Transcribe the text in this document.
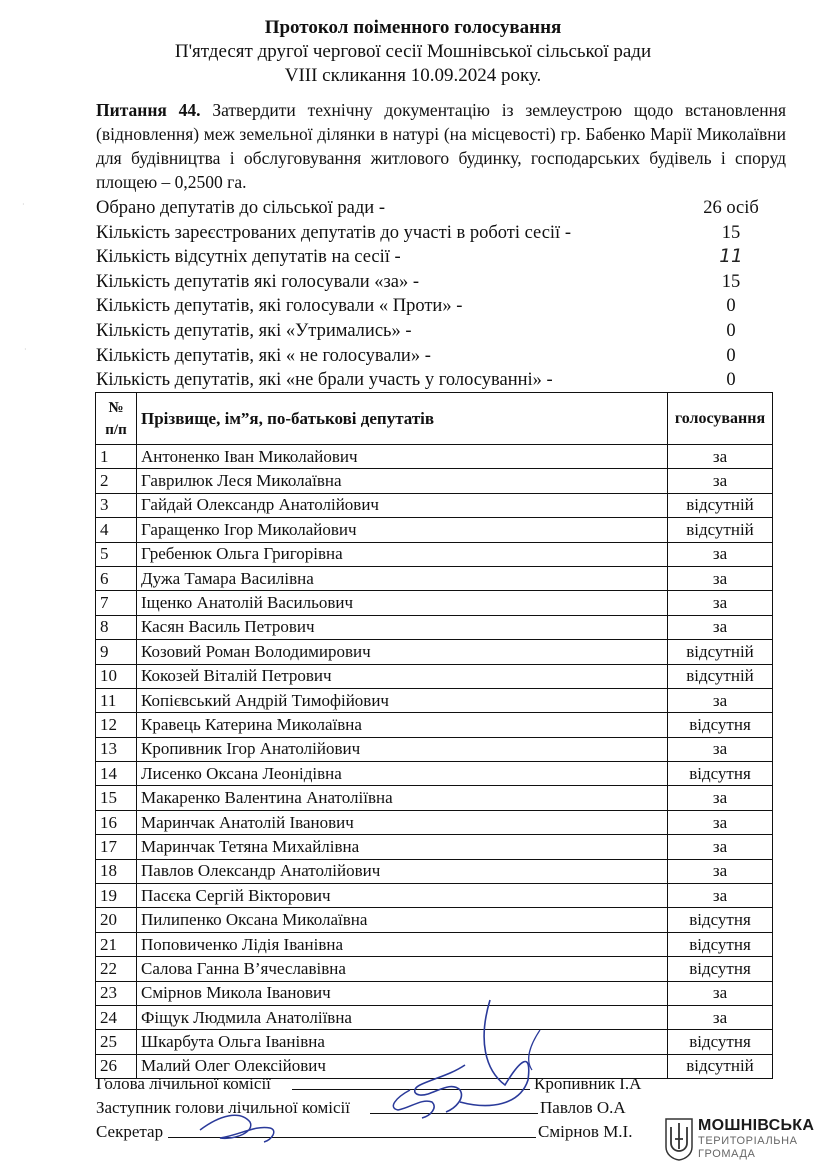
Протокол поіменного голосування
П'ятдесят другої чергової сесії Мошнівської сільської ради
VIII скликання 10.09.2024 року.
Питання 44. Затвердити технічну документацію із землеустрою щодо встановлення (відновлення) меж земельної ділянки в натурі (на місцевості) гр. Бабенко Марії Миколаївни для будівництва і обслуговування житлового будинку, господарських будівель і споруд площею – 0,2500 га.
·
·
Обрано депутатів до сільської ради -	26 осіб
Кількість зареєстрованих депутатів до участі в роботі сесії -	15
Кількість відсутніх депутатів на сесії -	11
Кількість депутатів які голосували «за» -	15
Кількість депутатів, які голосували « Проти» -	0
Кількість депутатів, які «Утримались» -	0
Кількість депутатів, які « не голосували» -	0
Кількість депутатів, які «не брали участь у голосуванні» -	0
№
п/п	Прізвище, ім”я, по-батькові депутатів	голосування
1	Антоненко Іван Миколайович	за
2	Гаврилюк Леся Миколаївна	за
3	Гайдай Олександр Анатолійович	відсутній
4	Гаращенко Ігор Миколайович	відсутній
5	Гребенюк Ольга Григорівна	за
6	Дужа Тамара Василівна	за
7	Іщенко Анатолій Васильович	за
8	Касян Василь Петрович	за
9	Козовий Роман Володимирович	відсутній
10	Кокозей Віталій Петрович	відсутній
11	Копієвський Андрій Тимофійович	за
12	Кравець Катерина Миколаївна	відсутня
13	Кропивник Ігор Анатолійович	за
14	Лисенко Оксана Леонідівна	відсутня
15	Макаренко Валентина Анатоліївна	за
16	Маринчак Анатолій Іванович	за
17	Маринчак Тетяна Михайлівна	за
18	Павлов Олександр Анатолійович	за
19	Пасєка Сергій Вікторович	за
20	Пилипенко Оксана Миколаївна	відсутня
21	Поповиченко Лідія Іванівна	відсутня
22	Салова Ганна В’ячеславівна	відсутня
23	Смірнов Микола Іванович	за
24	Фіщук Людмила Анатоліївна	за
25	Шкарбута Ольга Іванівна	відсутня
26	Малий Олег Олексійович	відсутній
Голова лічильної комісії	Кропивник І.А
Заступник голови лічильної комісії	Павлов О.А
Секретар	Смірнов М.І.	МОШНІВСЬКА
ТЕРИТОРІАЛЬНА
ГРОМАДА
